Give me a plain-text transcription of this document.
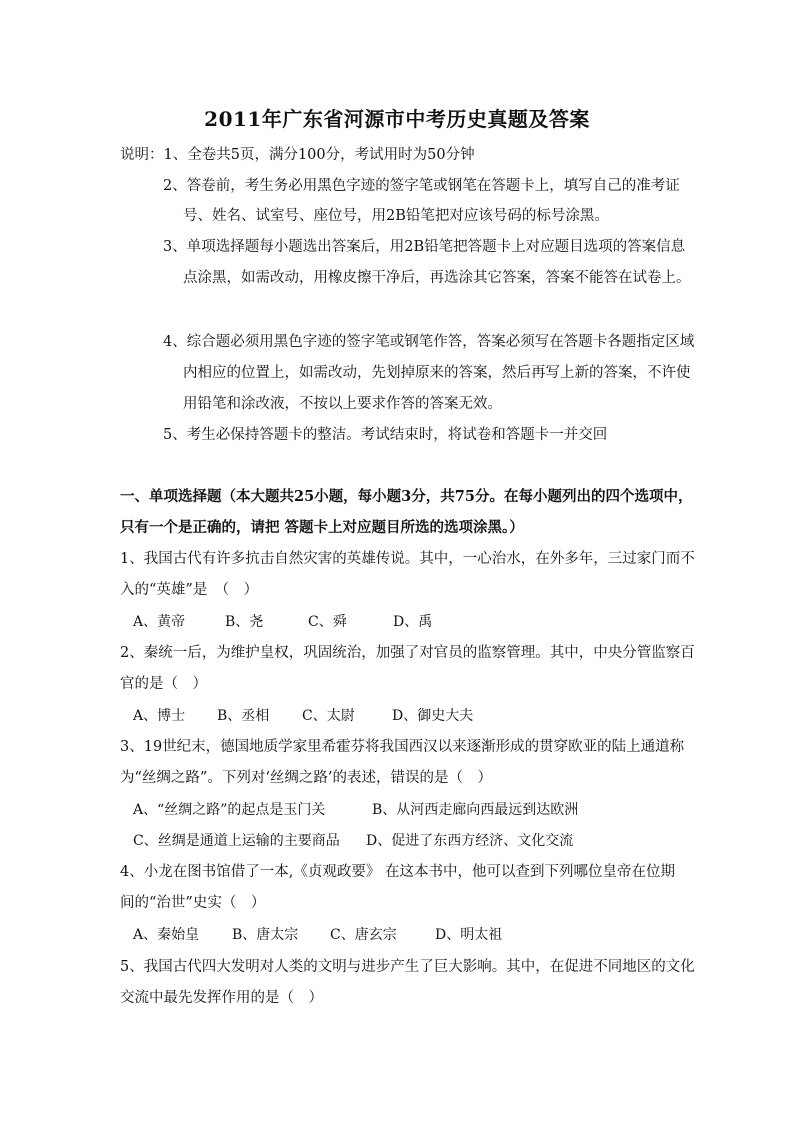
2011年广东省河源市中考历史真题及答案
说明：1、全卷共5页，满分100分，考试用时为50分钟
2、答卷前，考生务必用黑色字迹的签字笔或钢笔在答题卡上，填写自己的准考证
号、姓名、试室号、座位号，用2B铅笔把对应该号码的标号涂黑。
3、单项选择题每小题选出答案后，用2B铅笔把答题卡上对应题目选项的答案信息
点涂黑，如需改动，用橡皮擦干净后，再选涂其它答案，答案不能答在试卷上。
4、综合题必须用黑色字迹的签字笔或钢笔作答，答案必须写在答题卡各题指定区域
内相应的位置上，如需改动，先划掉原来的答案，然后再写上新的答案，不许使
用铅笔和涂改液，不按以上要求作答的答案无效。
5、考生必保持答题卡的整洁。考试结束时，将试卷和答题卡一并交回
一、单项选择题（本大题共25小题，每小题3分，共75分。在每小题列出的四个选项中，
只有一个是正确的，请把 答题卡上对应题目所选的选项涂黑。）
1、我国古代有许多抗击自然灾害的英雄传说。其中，一心治水，在外多年，三过家门而不
入的“英雄”是　（　）
A、黄帝	B、尧	C、舜	D、禹
2、秦统一后，为维护皇权，巩固统治，加强了对官员的监察管理。其中，中央分管监察百
官的是（　）
A、博士 B、丞相 C、太尉	D、御史大夫
3、19世纪末，德国地质学家里希霍芬将我国西汉以来逐渐形成的贯穿欧亚的陆上通道称
为“丝绸之路”。下列对‘丝绸之路’的表述，错误的是（　）
A、“丝绸之路”的起点是玉门关	B、从河西走廊向西最远到达欧洲
C、丝绸是通道上运输的主要商品 D、促进了东西方经济、文化交流
4、小龙在图书馆借了一本,《贞观政要》 在这本书中，他可以查到下列哪位皇帝在位期
间的“治世”史实（　）
A、秦始皇 B、唐太宗 C、唐玄宗	D、明太祖
5、我国古代四大发明对人类的文明与进步产生了巨大影响。其中，在促进不同地区的文化
交流中最先发挥作用的是（　）
